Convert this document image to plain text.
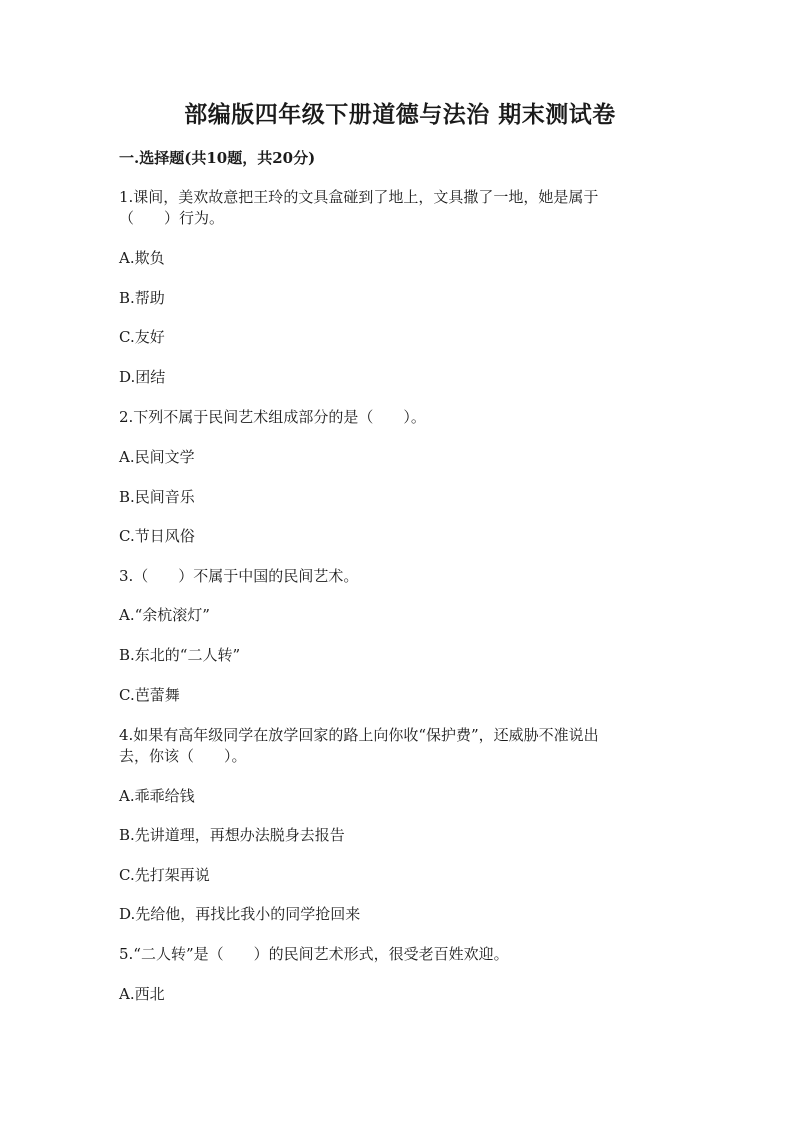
部编版四年级下册道德与法治 期末测试卷
一.选择题(共10题，共20分)
1.课间，美欢故意把王玲的文具盒碰到了地上，文具撒了一地，她是属于
（　　）行为。
A.欺负
B.帮助
C.友好
D.团结
2.下列不属于民间艺术组成部分的是（　　）。
A.民间文学
B.民间音乐
C.节日风俗
3.（　　）不属于中国的民间艺术。
A.“余杭滚灯”
B.东北的“二人转”
C.芭蕾舞
4.如果有高年级同学在放学回家的路上向你收“保护费”，还威胁不准说出
去，你该（　　）。
A.乖乖给钱
B.先讲道理，再想办法脱身去报告
C.先打架再说
D.先给他，再找比我小的同学抢回来
5.“二人转”是（　　）的民间艺术形式，很受老百姓欢迎。
A.西北
